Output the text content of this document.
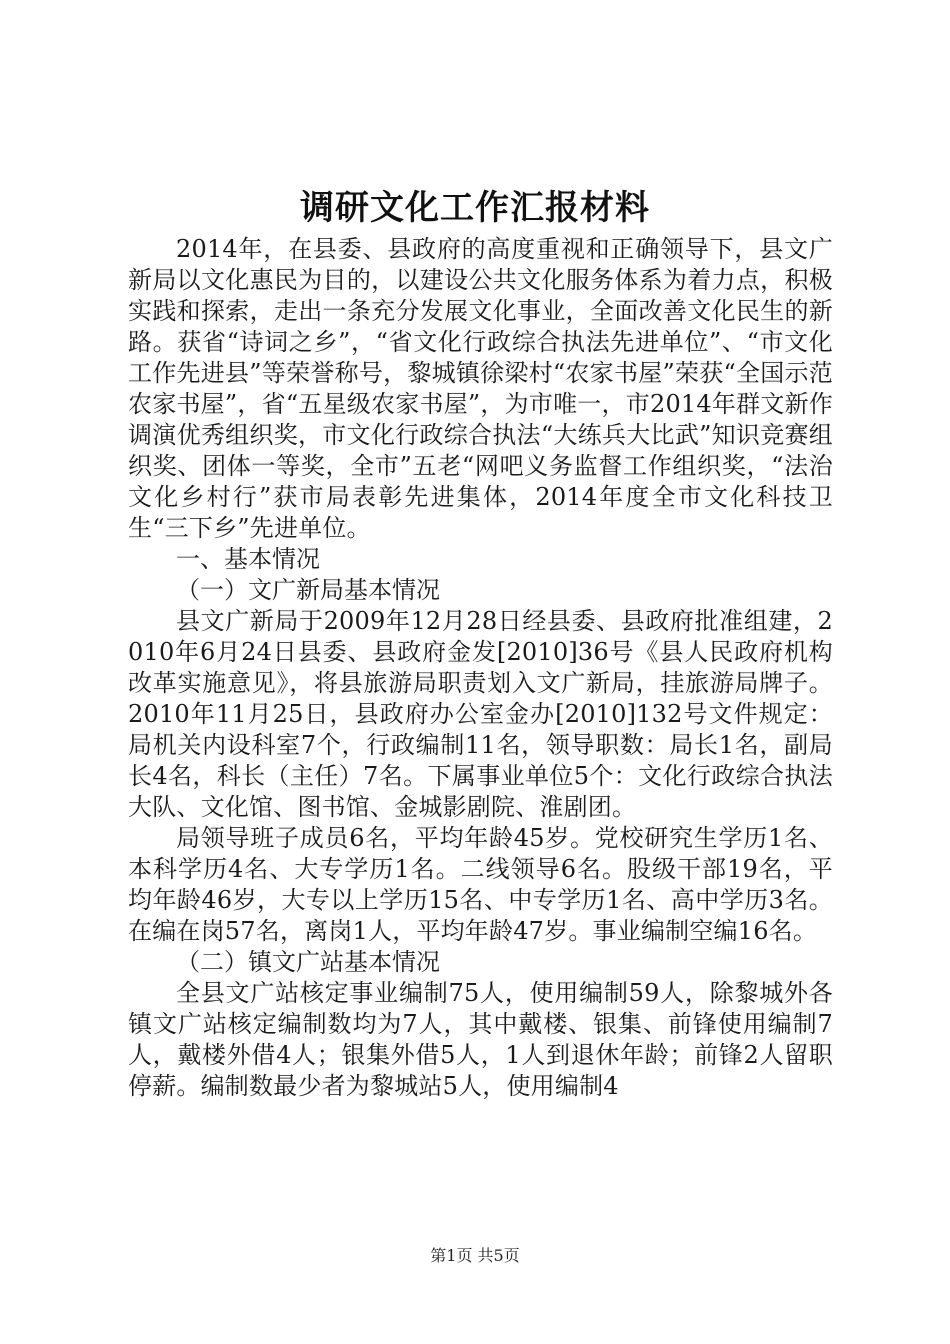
调研文化工作汇报材料

2014年，在县委、县政府的高度重视和正确领导下，县文广新局以文化惠民为目的，以建设公共文化服务体系为着力点，积极实践和探索，走出一条充分发展文化事业，全面改善文化民生的新路。获省“诗词之乡”，“省文化行政综合执法先进单位”、“市文化工作先进县”等荣誉称号，黎城镇徐梁村“农家书屋”荣获“全国示范农家书屋”，省“五星级农家书屋”，为市唯一，市2014年群文新作调演优秀组织奖，市文化行政综合执法“大练兵大比武”知识竞赛组织奖、团体一等奖，全市”五老“网吧义务监督工作组织奖，“法治文化乡村行”获市局表彰先进集体，2014年度全市文化科技卫生“三下乡”先进单位。

一、基本情况

（一）文广新局基本情况

县文广新局于2009年12月28日经县委、县政府批准组建，2010年6月24日县委、县政府金发[2010]36号《县人民政府机构改革实施意见》，将县旅游局职责划入文广新局，挂旅游局牌子。2010年11月25日，县政府办公室金办[2010]132号文件规定：局机关内设科室7个，行政编制11名，领导职数：局长1名，副局长4名，科长（主任）7名。下属事业单位5个：文化行政综合执法大队、文化馆、图书馆、金城影剧院、淮剧团。

局领导班子成员6名，平均年龄45岁。党校研究生学历1名、本科学历4名、大专学历1名。二线领导6名。股级干部19名，平均年龄46岁，大专以上学历15名、中专学历1名、高中学历3名。在编在岗57名，离岗1人，平均年龄47岁。事业编制空编16名。

（二）镇文广站基本情况

全县文广站核定事业编制75人，使用编制59人，除黎城外各镇文广站核定编制数均为7人，其中戴楼、银集、前锋使用编制7人，戴楼外借4人；银集外借5人，1人到退休年龄；前锋2人留职停薪。编制数最少者为黎城站5人，使用编制4

第1页 共5页
